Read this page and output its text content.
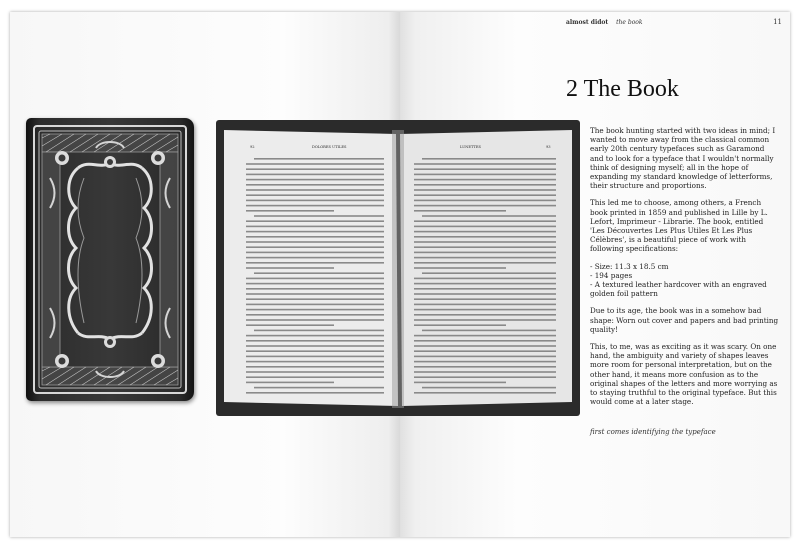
almost didot the book	11
92	DOLORES UTILES	LUNETTES	93
2 The Book

The book hunting started with two ideas in mind; I wanted to move away from the classical common early 20th century typefaces such as Garamond and to look for a typeface that I wouldn't normally think of designing myself; all in the hope of expanding my standard knowledge of letterforms, their structure and proportions.

This led me to choose, among others, a French book printed in 1859 and published in Lille by L. Lefort, Imprimeur - Librarie. The book, entitled 'Les Découvertes Les Plus Utiles Et Les Plus Célèbres', is a beautiful piece of work with following specifications:

- Size: 11.3 x 18.5 cm
- 194 pages
- A textured leather hardcover with an engraved golden foil pattern

Due to its age, the book was in a somehow bad shape: Worn out cover and papers and bad printing quality!

This, to me, was as exciting as it was scary. On one hand, the ambiguity and variety of shapes leaves more room for personal interpretation, but on the other hand, it means more confusion as to the original shapes of the letters and more worrying as to staying truthful to the original typeface. But this would come at a later stage.

first comes identifying the typeface
